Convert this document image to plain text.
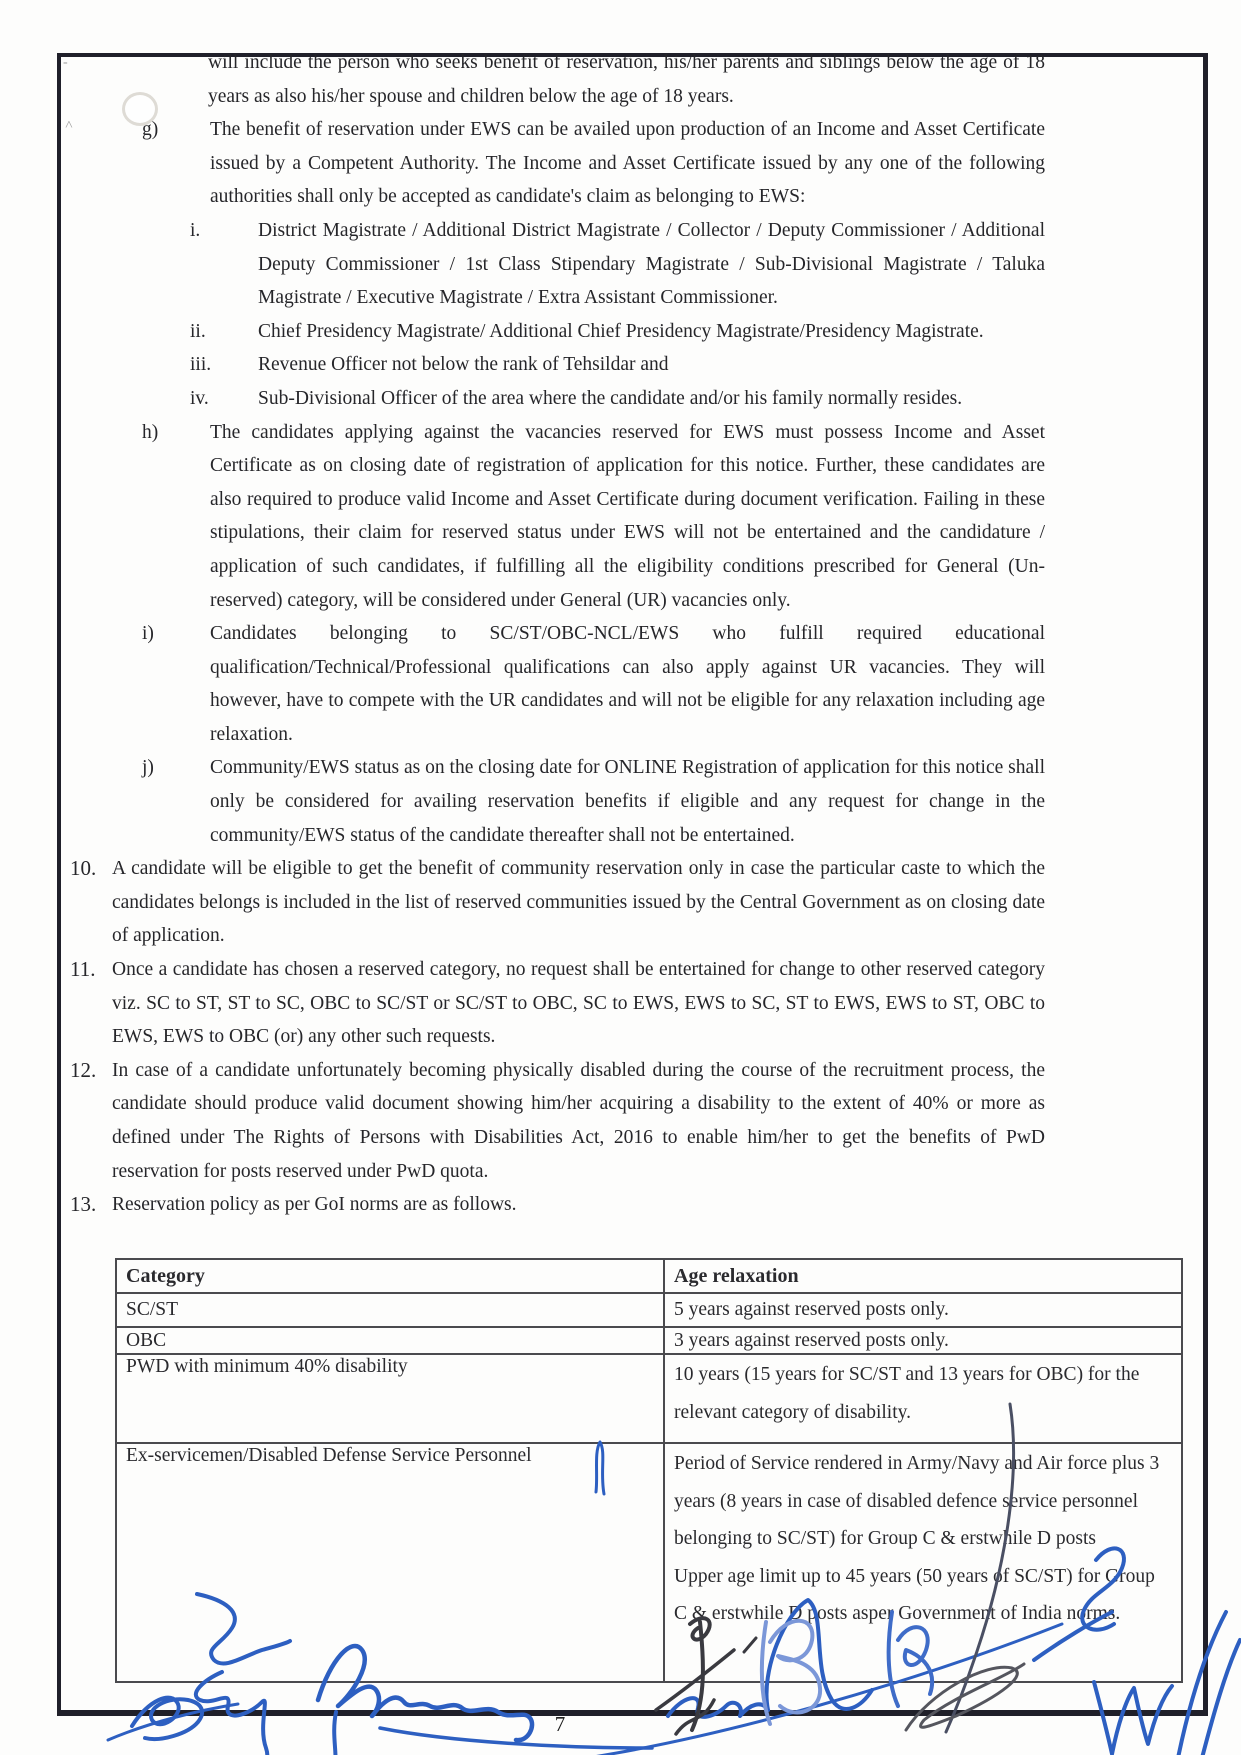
-
˄
will include the person who seeks benefit of reservation, his/her parents and siblings below the age of 18 years as also his/her spouse and children below the age of 18 years.
g)	The benefit of reservation under EWS can be availed upon production of an Income and Asset Certificate issued by a Competent Authority. The Income and Asset Certificate issued by any one of the following authorities shall only be accepted as candidate's claim as belonging to EWS:
i.	District Magistrate / Additional District Magistrate / Collector / Deputy Commissioner / Additional Deputy Commissioner / 1st Class Stipendary Magistrate / Sub-Divisional Magistrate / Taluka Magistrate / Executive Magistrate / Extra Assistant Commissioner.
ii.	Chief Presidency Magistrate/ Additional Chief Presidency Magistrate/Presidency Magistrate.
iii.	Revenue Officer not below the rank of Tehsildar and
iv.	Sub-Divisional Officer of the area where the candidate and/or his family normally resides.
h)	The candidates applying against the vacancies reserved for EWS must possess Income and Asset Certificate as on closing date of registration of application for this notice. Further, these candidates are also required to produce valid Income and Asset Certificate during document verification. Failing in these stipulations, their claim for reserved status under EWS will not be entertained and the candidature / application of such candidates, if fulfilling all the eligibility conditions prescribed for General (Un-reserved) category, will be considered under General (UR) vacancies only.
i)	Candidates belonging to SC/ST/OBC-NCL/EWS who fulfill required educational qualification/Technical/Professional qualifications can also apply against UR vacancies. They will however, have to compete with the UR candidates and will not be eligible for any relaxation including age relaxation.
j)	Community/EWS status as on the closing date for ONLINE Registration of application for this notice shall only be considered for availing reservation benefits if eligible and any request for change in the community/EWS status of the candidate thereafter shall not be entertained.
10. A candidate will be eligible to get the benefit of community reservation only in case the particular caste to which the candidates belongs is included in the list of reserved communities issued by the Central Government as on closing date of application.
11. Once a candidate has chosen a reserved category, no request shall be entertained for change to other reserved category viz. SC to ST, ST to SC, OBC to SC/ST or SC/ST to OBC, SC to EWS, EWS to SC, ST to EWS, EWS to ST, OBC to EWS, EWS to OBC (or) any other such requests.
12. In case of a candidate unfortunately becoming physically disabled during the course of the recruitment process, the candidate should produce valid document showing him/her acquiring a disability to the extent of 40% or more as defined under The Rights of Persons with Disabilities Act, 2016 to enable him/her to get the benefits of PwD reservation for posts reserved under PwD quota.
13. Reservation policy as per GoI norms are as follows.
Category	Age relaxation
SC/ST	5 years against reserved posts only.
OBC	3 years against reserved posts only.
PWD with minimum 40% disability	10 years (15 years for SC/ST and 13 years for OBC) for the relevant category of disability.

Ex-servicemen/Disabled Defense Service Personnel	Period of Service rendered in Army/Navy and Air force plus 3 years (8 years in case of disabled defence service personnel belonging to SC/ST) for Group C & erstwhile D posts

Upper age limit up to 45 years (50 years of SC/ST) for Group C & erstwhile D posts asper Government of India norms.

7
